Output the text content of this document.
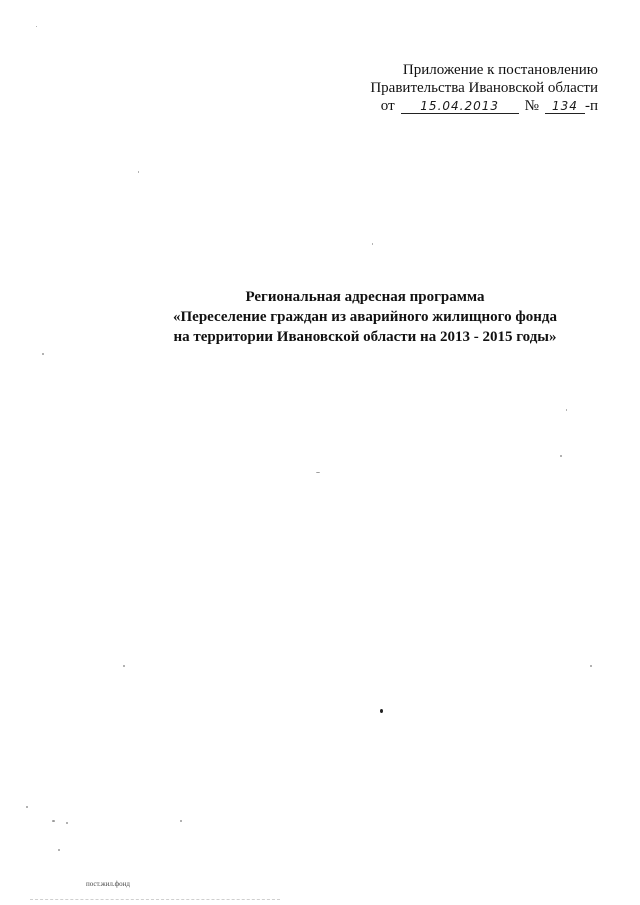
Приложение к постановлению
Правительства Ивановской области
от	15.04.2013	№	134 -п
Региональная адресная программа
«Переселение граждан из аварийного жилищного фонда
на территории Ивановской области на 2013 - 2015 годы»
пост.жил.фонд
